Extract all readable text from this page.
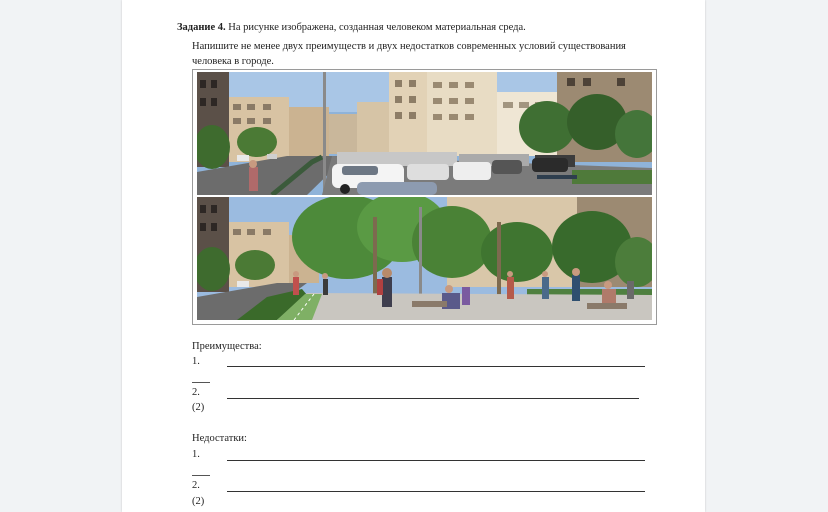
Задание 4. На рисунке изображена, созданная человеком материальная среда.
Напишите не менее двух преимуществ и двух недостатков современных условий существования человека в городе.
Преимущества:
1.
2.
(2)
Недостатки:
1.
2.
(2)
